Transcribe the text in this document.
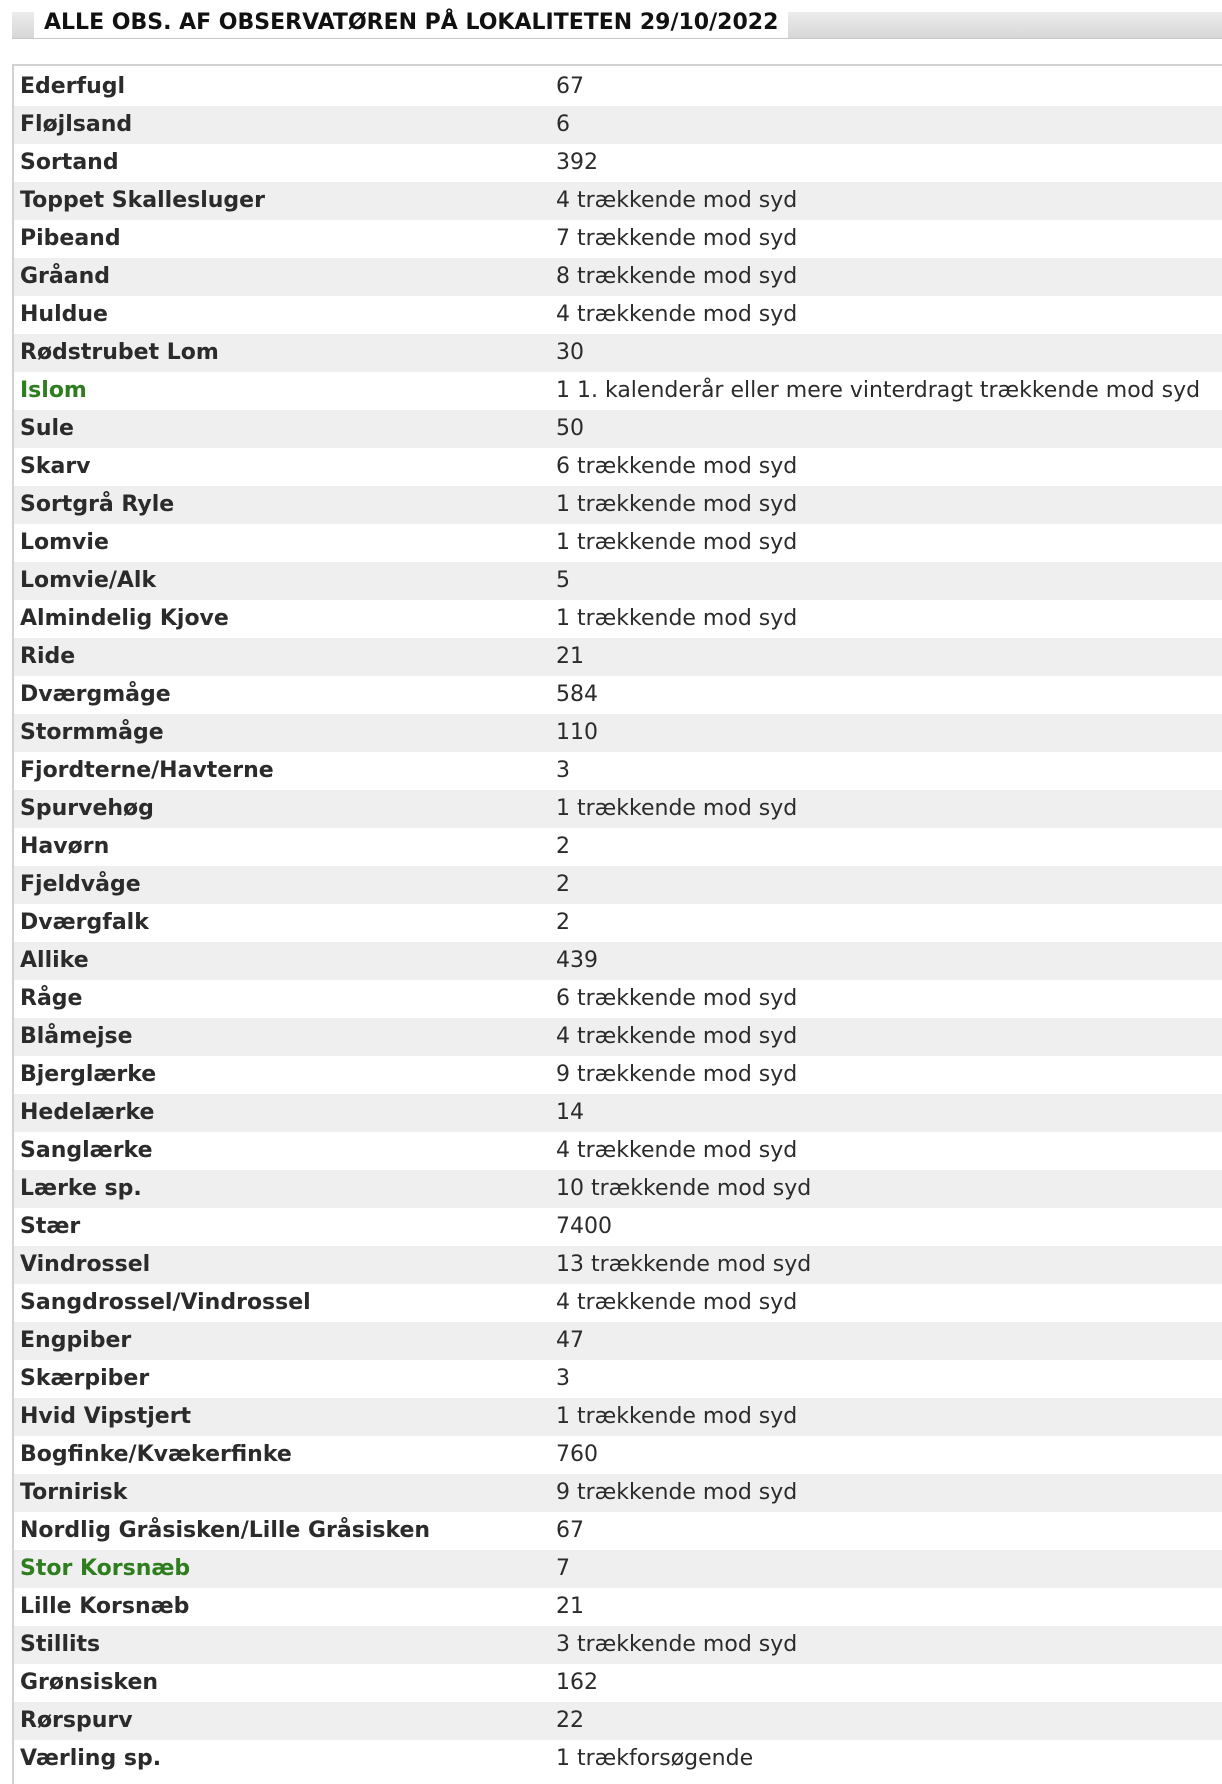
ALLE OBS. AF OBSERVATØREN PÅ LOKALITETEN 29/10/2022
Ederfugl	67
Fløjlsand	6
Sortand	392
Toppet Skallesluger	4 trækkende mod syd
Pibeand	7 trækkende mod syd
Gråand	8 trækkende mod syd
Huldue	4 trækkende mod syd
Rødstrubet Lom	30
Islom	1 1. kalenderår eller mere vinterdragt trækkende mod syd
Sule	50
Skarv	6 trækkende mod syd
Sortgrå Ryle	1 trækkende mod syd
Lomvie	1 trækkende mod syd
Lomvie/Alk	5
Almindelig Kjove	1 trækkende mod syd
Ride	21
Dværgmåge	584
Stormmåge	110
Fjordterne/Havterne	3
Spurvehøg	1 trækkende mod syd
Havørn	2
Fjeldvåge	2
Dværgfalk	2
Allike	439
Råge	6 trækkende mod syd
Blåmejse	4 trækkende mod syd
Bjerglærke	9 trækkende mod syd
Hedelærke	14
Sanglærke	4 trækkende mod syd
Lærke sp.	10 trækkende mod syd
Stær	7400
Vindrossel	13 trækkende mod syd
Sangdrossel/Vindrossel	4 trækkende mod syd
Engpiber	47
Skærpiber	3
Hvid Vipstjert	1 trækkende mod syd
Bogfinke/Kvækerfinke	760
Tornirisk	9 trækkende mod syd
Nordlig Gråsisken/Lille Gråsisken	67
Stor Korsnæb	7
Lille Korsnæb	21
Stillits	3 trækkende mod syd
Grønsisken	162
Rørspurv	22
Værling sp.	1 trækforsøgende
